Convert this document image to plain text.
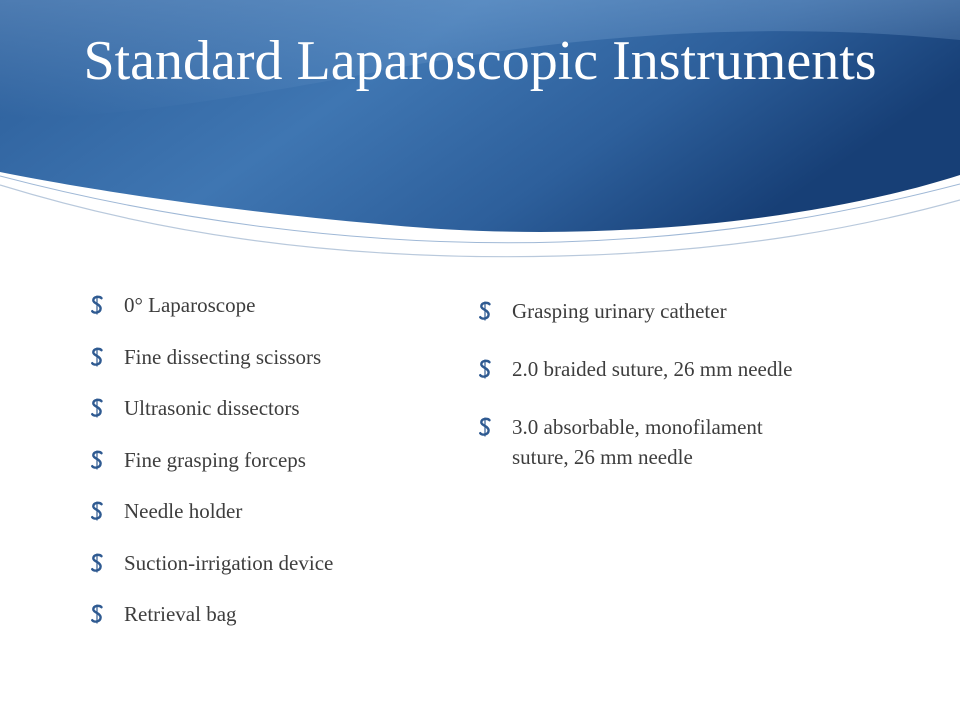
Standard Laparoscopic Instruments
0° Laparoscope
Fine dissecting scissors
Ultrasonic dissectors
Fine grasping forceps
Needle holder
Suction-irrigation device
Retrieval bag
Grasping urinary catheter
2.0 braided suture, 26 mm needle
3.0 absorbable, monofilament suture, 26 mm needle
